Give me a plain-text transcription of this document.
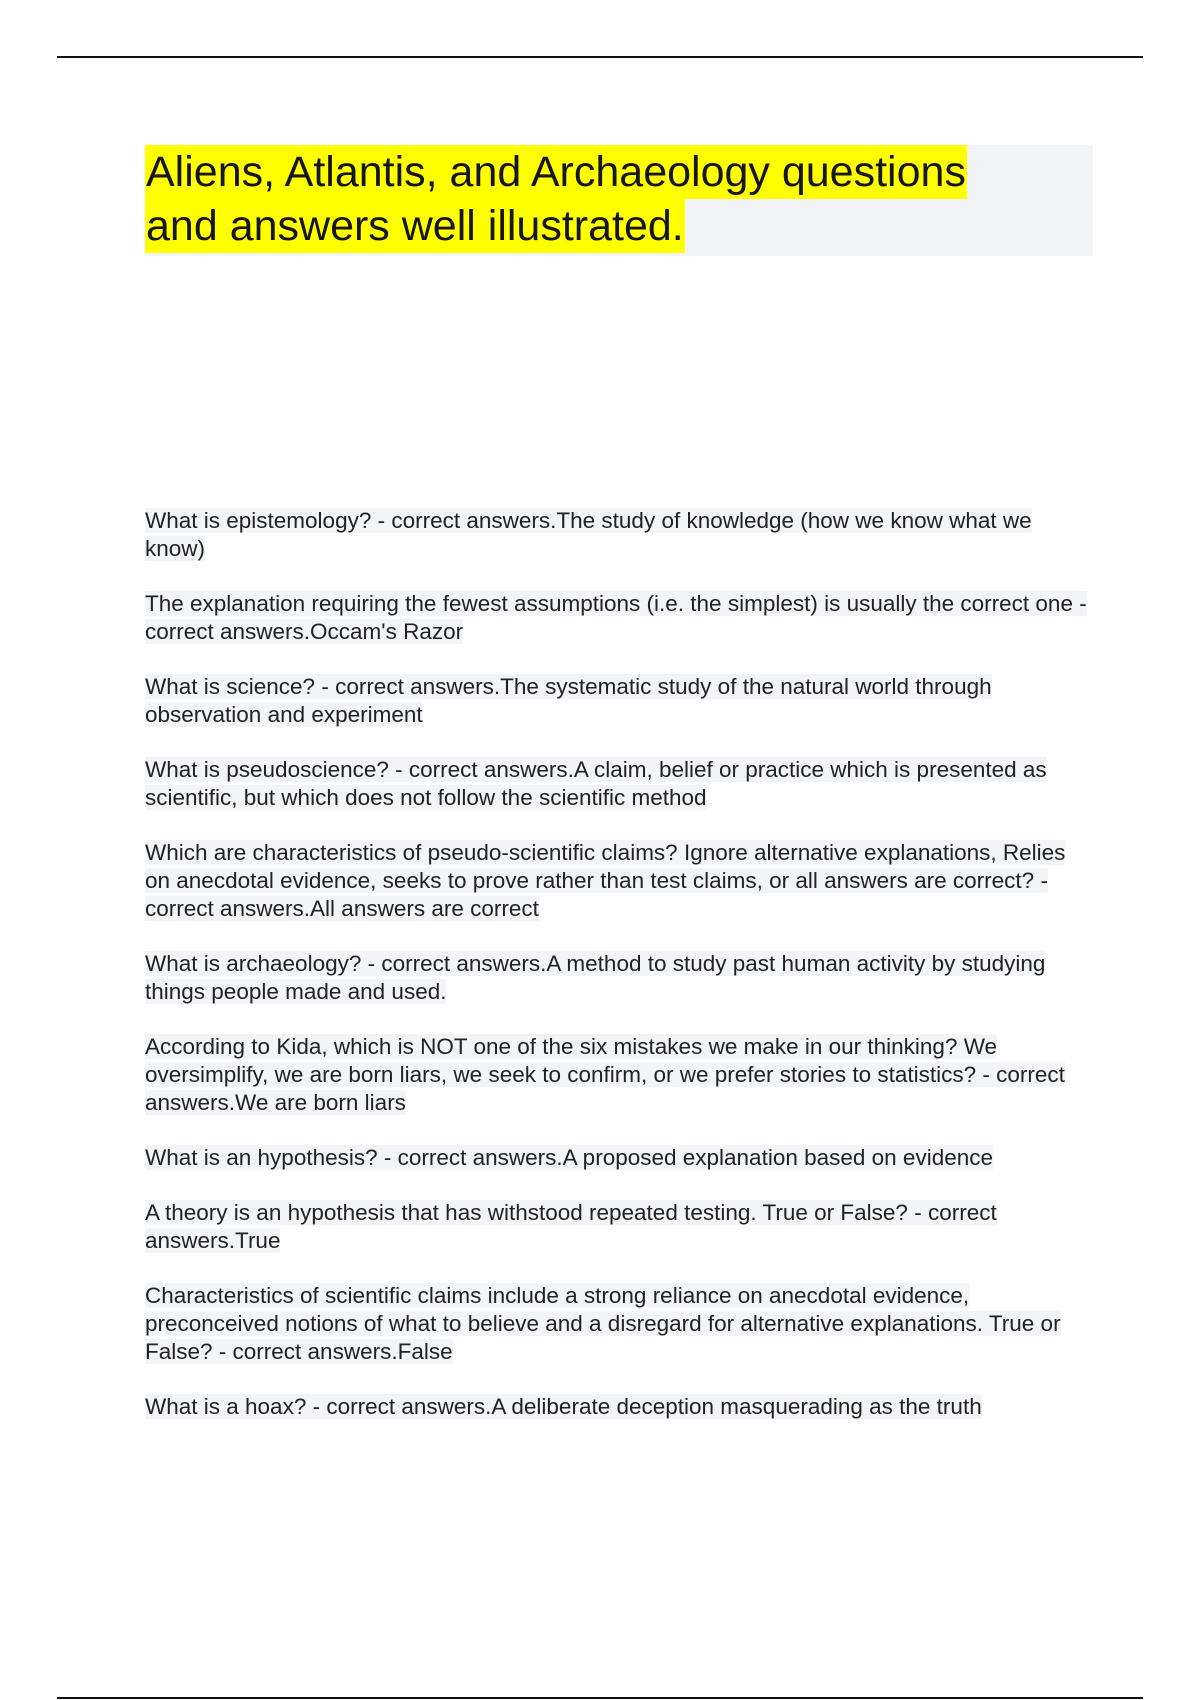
Aliens, Atlantis, and Archaeology questions
and answers well illustrated.
What is epistemology? - correct answers.The study of knowledge (how we know what we know)
The explanation requiring the fewest assumptions (i.e. the simplest) is usually the correct one - correct answers.Occam's Razor
What is science? - correct answers.The systematic study of the natural world through observation and experiment
What is pseudoscience? - correct answers.A claim, belief or practice which is presented as scientific, but which does not follow the scientific method
Which are characteristics of pseudo-scientific claims? Ignore alternative explanations, Relies on anecdotal evidence, seeks to prove rather than test claims, or all answers are correct? - correct answers.All answers are correct
What is archaeology? - correct answers.A method to study past human activity by studying things people made and used.
According to Kida, which is NOT one of the six mistakes we make in our thinking? We oversimplify, we are born liars, we seek to confirm, or we prefer stories to statistics? - correct answers.We are born liars
What is an hypothesis? - correct answers.A proposed explanation based on evidence
A theory is an hypothesis that has withstood repeated testing. True or False? - correct answers.True
Characteristics of scientific claims include a strong reliance on anecdotal evidence, preconceived notions of what to believe and a disregard for alternative explanations. True or False? - correct answers.False
What is a hoax? - correct answers.A deliberate deception masquerading as the truth
